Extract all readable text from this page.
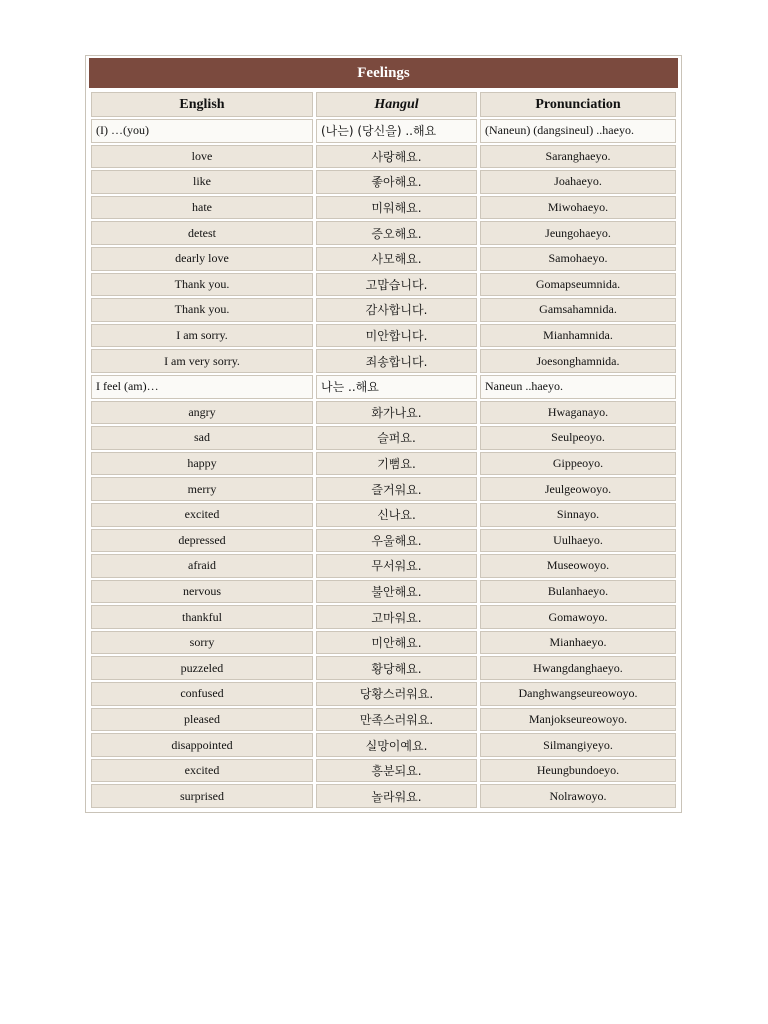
Feelings
English	Hangul	Pronunciation
(I) …(you)	(나는) (당신을) ..해요	(Naneun) (dangsineul) ..haeyo.
love	사랑해요.	Saranghaeyo.
like	좋아해요.	Joahaeyo.
hate	미워해요.	Miwohaeyo.
detest	증오해요.	Jeungohaeyo.
dearly love	사모해요.	Samohaeyo.
Thank you.	고맙습니다.	Gomapseumnida.
Thank you.	감사합니다.	Gamsahamnida.
I am sorry.	미안합니다.	Mianhamnida.
I am very sorry.	죄송합니다.	Joesonghamnida.
I feel (am)…	나는 ..해요	Naneun ..haeyo.
angry	화가나요.	Hwaganayo.
sad	슬퍼요.	Seulpeoyo.
happy	기뻠요.	Gippeoyo.
merry	즐거워요.	Jeulgeowoyo.
excited	신나요.	Sinnayo.
depressed	우울해요.	Uulhaeyo.
afraid	무서워요.	Museowoyo.
nervous	불안해요.	Bulanhaeyo.
thankful	고마워요.	Gomawoyo.
sorry	미안해요.	Mianhaeyo.
puzzeled	황당해요.	Hwangdanghaeyo.
confused	당황스러워요.	Danghwangseureowoyo.
pleased	만족스러워요.	Manjokseureowoyo.
disappointed	실망이예요.	Silmangiyeyo.
excited	흥분되요.	Heungbundoeyo.
surprised	놀라워요.	Nolrawoyo.
